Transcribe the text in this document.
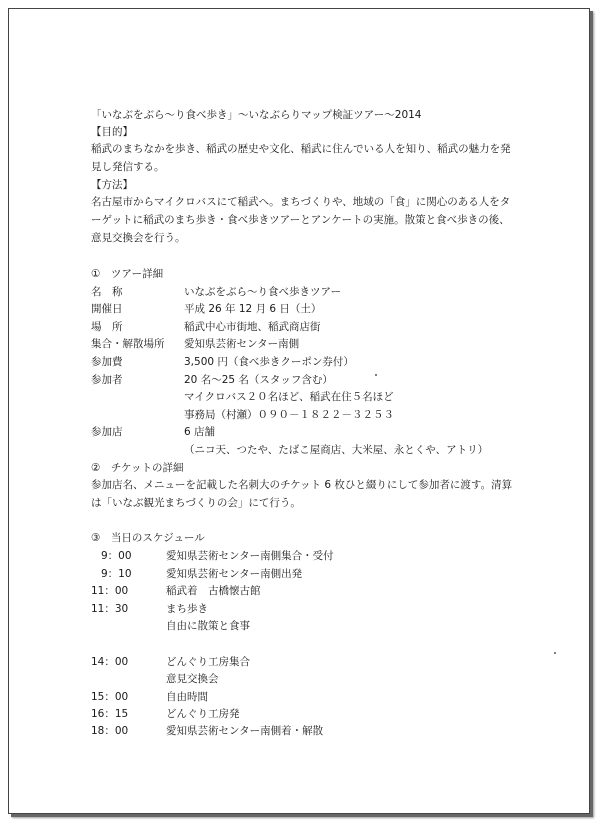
「いなぶをぶら～り食べ歩き」～いなぶらりマップ検証ツアー～2014
【目的】
稲武のまちなかを歩き、稲武の歴史や文化、稲武に住んでいる人を知り、稲武の魅力を発
見し発信する。
【方法】
名古屋市からマイクロバスにて稲武へ。まちづくりや、地域の「食」に関心のある人をタ
ーゲットに稲武のまち歩き・食べ歩きツアーとアンケートの実施。散策と食べ歩きの後、
意見交換会を行う。
①　ツアー詳細
名　称	いなぶをぶら～り食べ歩きツアー
開催日	平成 26 年 12 月 6 日（土）
場　所	稲武中心市街地、稲武商店街
集合・解散場所 愛知県芸術センター南側
参加費	3,500 円（食べ歩きクーポン券付）
参加者	20 名～25 名（スタッフ含む）
マイクロバス２０名ほど、稲武在住５名ほど
事務局（村瀬）０９０－１８２２－３２５３
参加店	6 店舗
（ニコ天、つたや、たばこ屋商店、大米屋、永とくや、アトリ）
②　チケットの詳細
参加店名、メニューを記載した名刺大のチケット 6 枚ひと綴りにして参加者に渡す。清算
は「いなぶ観光まちづくりの会」にて行う。
③　当日のスケジュール
9：00	愛知県芸術センター南側集合・受付
9：10	愛知県芸術センター南側出発
11：00	稲武着　古橋懐古館
11：30	まち歩き
自由に散策と食事
14：00	どんぐり工房集合
意見交換会
15：00	自由時間
16：15	どんぐり工房発
18：00	愛知県芸術センター南側着・解散
